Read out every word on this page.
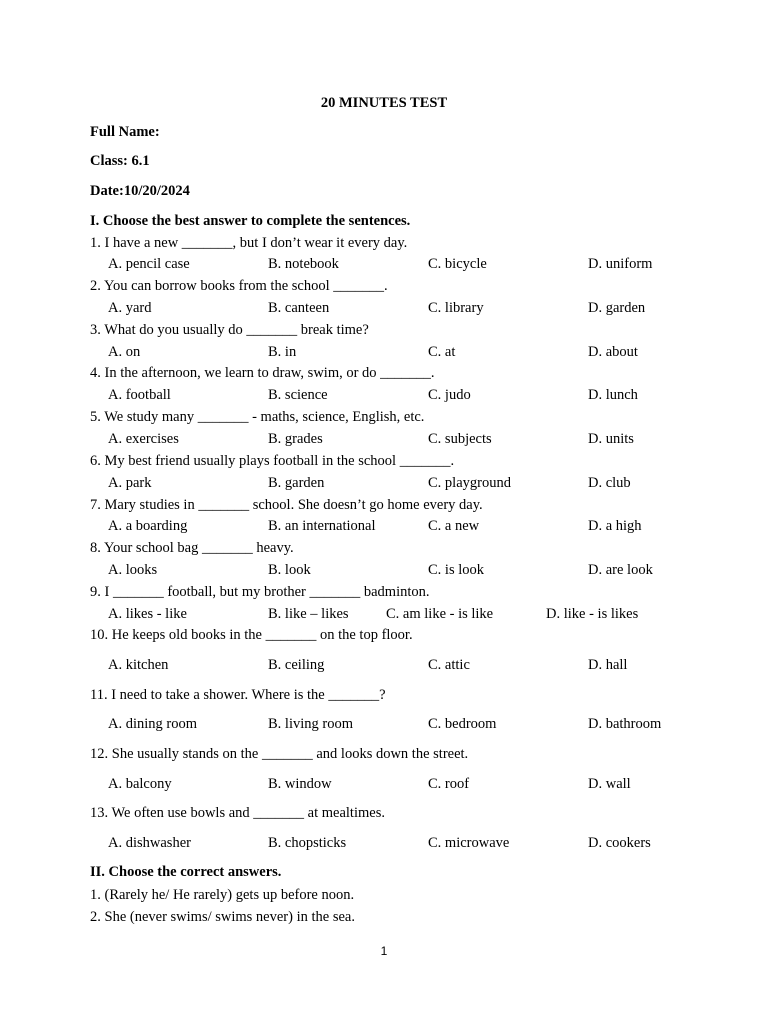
20 MINUTES TEST
Full Name:
Class: 6.1
Date:10/20/2024
I. Choose the best answer to complete the sentences.
1. I have a new _______, but I don’t wear it every day.
A. pencil case	B. notebook	C. bicycle	D. uniform
2. You can borrow books from the school _______.
A. yard	B. canteen	C. library	D. garden
3. What do you usually do _______ break time?
A. on	B. in	C. at	D. about
4. In the afternoon, we learn to draw, swim, or do _______.
A. football	B. science	C. judo	D. lunch
5. We study many _______ - maths, science, English, etc.
A. exercises	B. grades	C. subjects	D. units
6. My best friend usually plays football in the school _______.
A. park	B. garden	C. playground	D. club
7. Mary studies in _______ school. She doesn’t go home every day.
A. a boarding	B. an international	C. a new	D. a high
8. Your school bag _______ heavy.
A. looks	B. look	C. is look	D. are look
9. I _______ football, but my brother _______ badminton.
A. likes - like	B. like – likes	C. am like - is like	D. like - is likes
10. He keeps old books in the _______ on the top floor.
A. kitchen	B. ceiling	C. attic	D. hall
11. I need to take a shower. Where is the _______?
A. dining room	B. living room	C. bedroom	D. bathroom
12. She usually stands on the _______ and looks down the street.
A. balcony	B. window	C. roof	D. wall
13. We often use bowls and _______ at mealtimes.
A. dishwasher	B. chopsticks	C. microwave	D. cookers
II. Choose the correct answers.
1. (Rarely he/ He rarely) gets up before noon.
2. She (never swims/ swims never) in the sea.
1
